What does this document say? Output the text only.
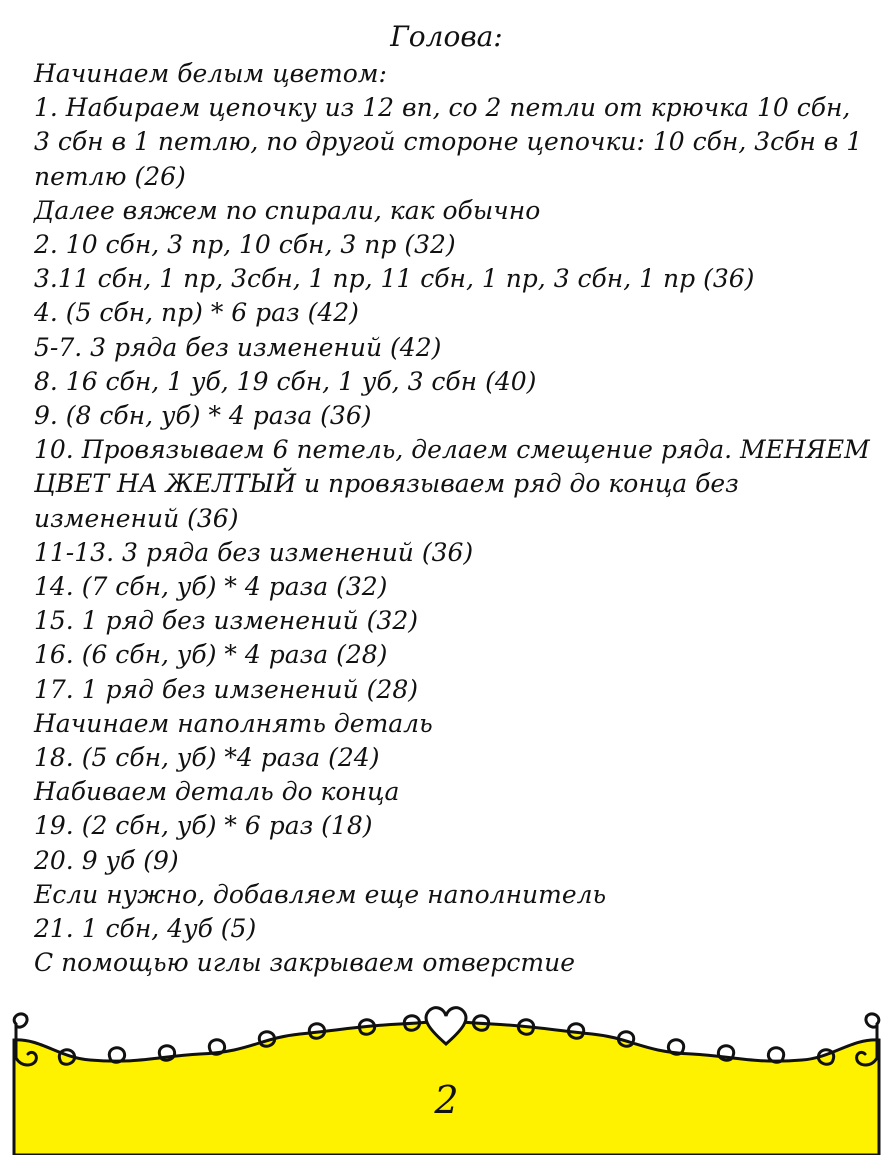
Голова:
Начинаем белым цветом:
1. Набираем цепочку из 12 вп, со 2 петли от крючка 10 сбн,
3 сбн в 1 петлю, по другой стороне цепочки: 10 сбн, 3сбн в 1
петлю (26)
Далее вяжем по спирали, как обычно
2. 10 сбн, 3 пр, 10 сбн, 3 пр (32)
3.11 сбн, 1 пр, 3сбн, 1 пр, 11 сбн, 1 пр, 3 сбн, 1 пр (36)
4. (5 сбн, пр) * 6 раз (42)
5-7. 3 ряда без изменений (42)
8. 16 сбн, 1 уб, 19 сбн, 1 уб, 3 сбн (40)
9. (8 сбн, уб) * 4 раза (36)
10. Провязываем 6 петель, делаем смещение ряда. МЕНЯЕМ
ЦВЕТ НА ЖЕЛТЫЙ и провязываем ряд до конца без
изменений (36)
11-13. 3 ряда без изменений (36)
14. (7 сбн, уб) * 4 раза (32)
15. 1 ряд без изменений (32)
16. (6 сбн, уб) * 4 раза (28)
17. 1 ряд без имзенений (28)
Начинаем наполнять деталь
18. (5 сбн, уб) *4 раза (24)
Набиваем деталь до конца
19. (2 сбн, уб) * 6 раз (18)
20. 9 уб (9)
Если нужно, добавляем еще наполнитель
21. 1 сбн, 4уб (5)
С помощью иглы закрываем отверстие
2
